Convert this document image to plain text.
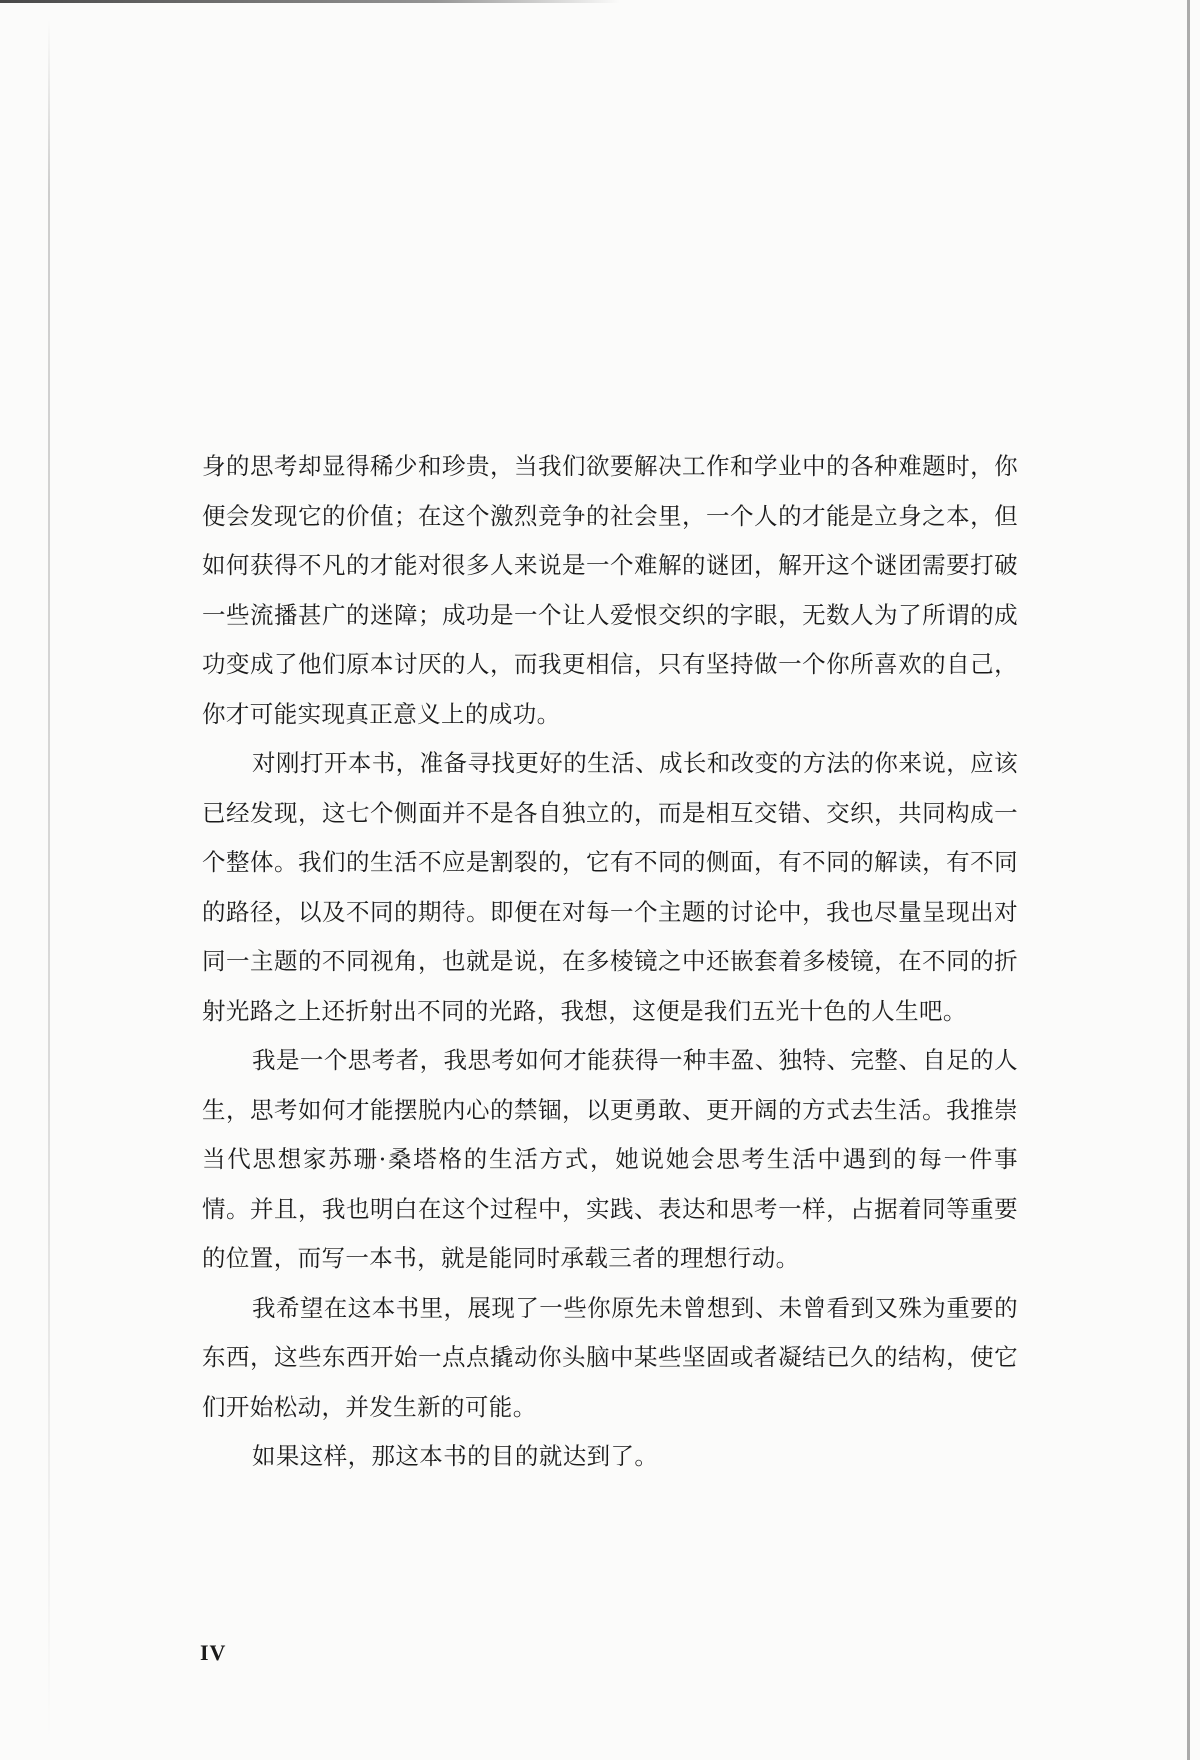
身的思考却显得稀少和珍贵，当我们欲要解决工作和学业中的各种难题时，你便会发现它的价值；在这个激烈竞争的社会里，一个人的才能是立身之本，但如何获得不凡的才能对很多人来说是一个难解的谜团，解开这个谜团需要打破一些流播甚广的迷障；成功是一个让人爱恨交织的字眼，无数人为了所谓的成功变成了他们原本讨厌的人，而我更相信，只有坚持做一个你所喜欢的自己，你才可能实现真正意义上的成功。

对刚打开本书，准备寻找更好的生活、成长和改变的方法的你来说，应该已经发现，这七个侧面并不是各自独立的，而是相互交错、交织，共同构成一个整体。我们的生活不应是割裂的，它有不同的侧面，有不同的解读，有不同的路径，以及不同的期待。即便在对每一个主题的讨论中，我也尽量呈现出对同一主题的不同视角，也就是说，在多棱镜之中还嵌套着多棱镜，在不同的折射光路之上还折射出不同的光路，我想，这便是我们五光十色的人生吧。

我是一个思考者，我思考如何才能获得一种丰盈、独特、完整、自足的人生，思考如何才能摆脱内心的禁锢，以更勇敢、更开阔的方式去生活。我推崇当代思想家苏珊·桑塔格的生活方式，她说她会思考生活中遇到的每一件事情。并且，我也明白在这个过程中，实践、表达和思考一样，占据着同等重要的位置，而写一本书，就是能同时承载三者的理想行动。

我希望在这本书里，展现了一些你原先未曾想到、未曾看到又殊为重要的东西，这些东西开始一点点撬动你头脑中某些坚固或者凝结已久的结构，使它们开始松动，并发生新的可能。

如果这样，那这本书的目的就达到了。

IV
